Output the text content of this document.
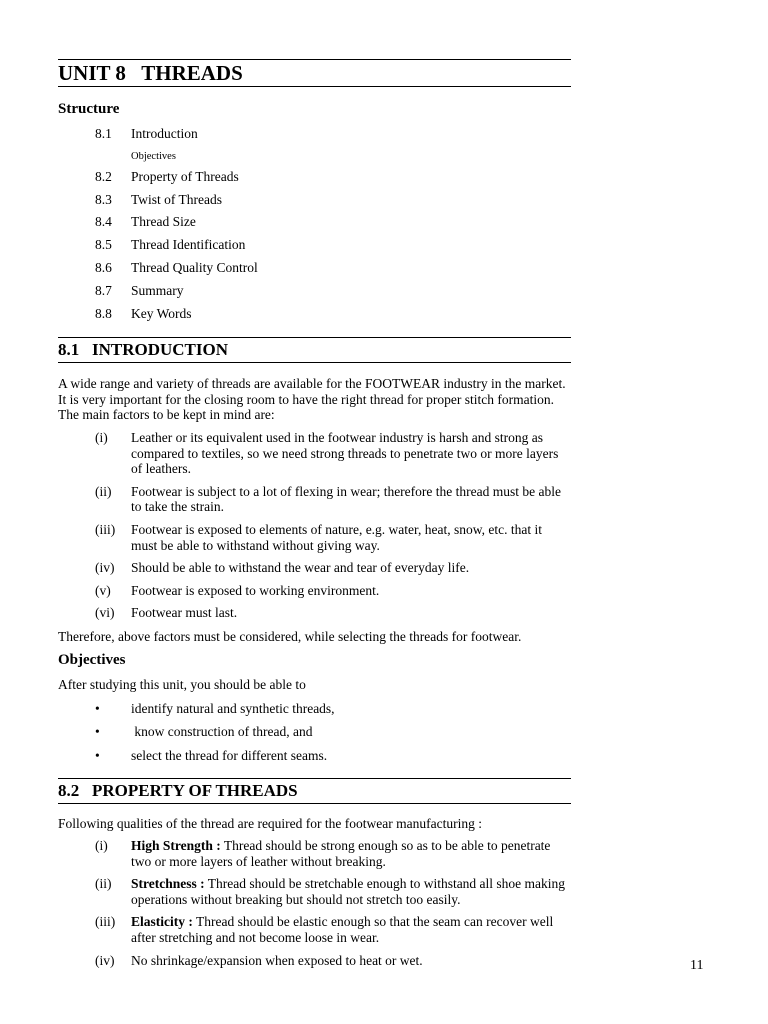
UNIT 8   THREADS
Structure
8.1 Introduction
Objectives
8.2 Property of Threads
8.3 Twist of Threads
8.4 Thread Size
8.5 Thread Identification
8.6 Thread Quality Control
8.7 Summary
8.8 Key Words
8.1   INTRODUCTION
A wide range and variety of threads are available for the FOOTWEAR industry in the market. It is very important for the closing room to have the right thread for proper stitch formation. The main factors to be kept in mind are:
(i) Leather or its equivalent used in the footwear industry is harsh and strong as compared to textiles, so we need strong threads to penetrate two or more layers of leathers.
(ii) Footwear is subject to a lot of flexing in wear; therefore the thread must be able to take the strain.
(iii) Footwear is exposed to elements of nature, e.g. water, heat, snow, etc. that it must be able to withstand without giving way.
(iv) Should be able to withstand the wear and tear of everyday life.
(v) Footwear is exposed to working environment.
(vi) Footwear must last.
Therefore, above factors must be considered, while selecting the threads for footwear.
Objectives
After studying this unit, you should be able to
• identify natural and synthetic threads,
• know construction of thread, and
• select the thread for different seams.
8.2   PROPERTY OF THREADS
Following qualities of the thread are required for the footwear manufacturing :
(i) High Strength : Thread should be strong enough so as to be able to penetrate two or more layers of leather without breaking.
(ii) Stretchness : Thread should be stretchable enough to withstand all shoe making operations without breaking but should not stretch too easily.
(iii) Elasticity : Thread should be elastic enough so that the seam can recover well after stretching and not become loose in wear.
(iv) No shrinkage/expansion when exposed to heat or wet.	11
